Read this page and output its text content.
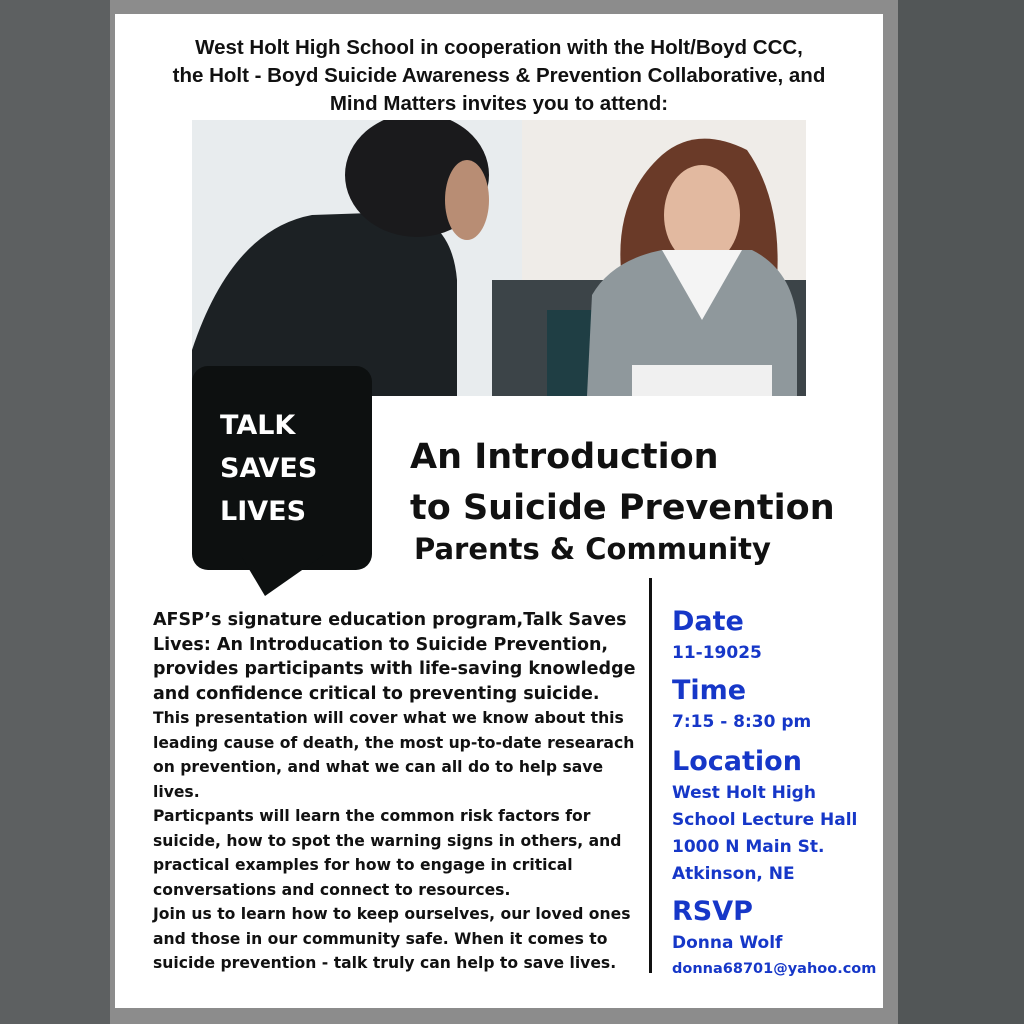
West Holt High School in cooperation with the Holt/Boyd CCC,
the Holt - Boyd Suicide Awareness & Prevention Collaborative, and
Mind Matters invites you to attend:
TALK
SAVES
LIVES
An Introduction
to Suicide Prevention
Parents & Community

AFSP’s signature education program,Talk Saves Lives: An Introducation to Suicide Prevention, provides participants with life-saving knowledge and confidence critical to preventing suicide.

This presentation will cover what we know about this leading cause of death, the most up-to-date researach on prevention, and what we can all do to help save lives.

Particpants will learn the common risk factors for suicide, how to spot the warning signs in others, and practical examples for how to engage in critical conversations and connect to resources.

Join us to learn how to keep ourselves, our loved ones and those in our community safe. When it comes to suicide prevention - talk truly can help to save lives.

Date
11-19025
Time
7:15 - 8:30 pm
Location
West Holt High
School Lecture Hall
1000 N Main St.
Atkinson, NE
RSVP
Donna Wolf
donna68701@yahoo.com
